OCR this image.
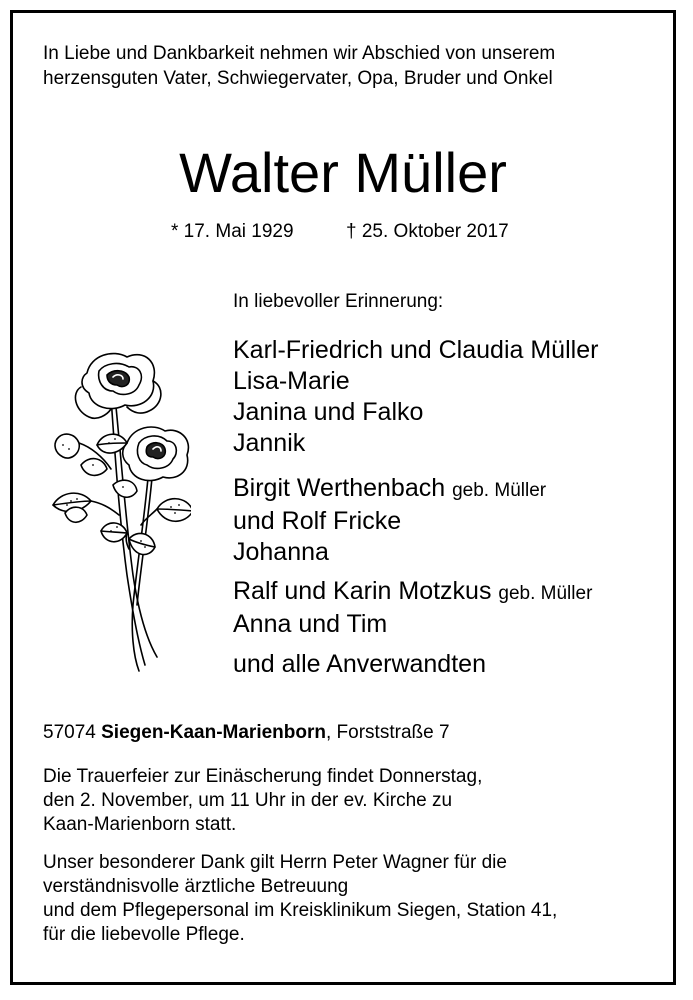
In Liebe und Dankbarkeit nehmen wir Abschied von unserem
herzensguten Vater, Schwiegervater, Opa, Bruder und Onkel
Walter Müller
* 17. Mai 1929	† 25. Oktober 2017
In liebevoller Erinnerung:
Karl-Friedrich und Claudia Müller
Lisa-Marie
Janina und Falko
Jannik
Birgit Werthenbach geb. Müller
und Rolf Fricke
Johanna
Ralf und Karin Motzkus geb. Müller
Anna und Tim
und alle Anverwandten
57074 Siegen-Kaan-Marienborn, Forststraße 7
Die Trauerfeier zur Einäscherung findet Donnerstag,
den 2. November, um 11 Uhr in der ev. Kirche zu
Kaan-Marienborn statt.
Unser besonderer Dank gilt Herrn Peter Wagner für die
verständnisvolle ärztliche Betreuung
und dem Pflegepersonal im Kreisklinikum Siegen, Station 41,
für die liebevolle Pflege.
